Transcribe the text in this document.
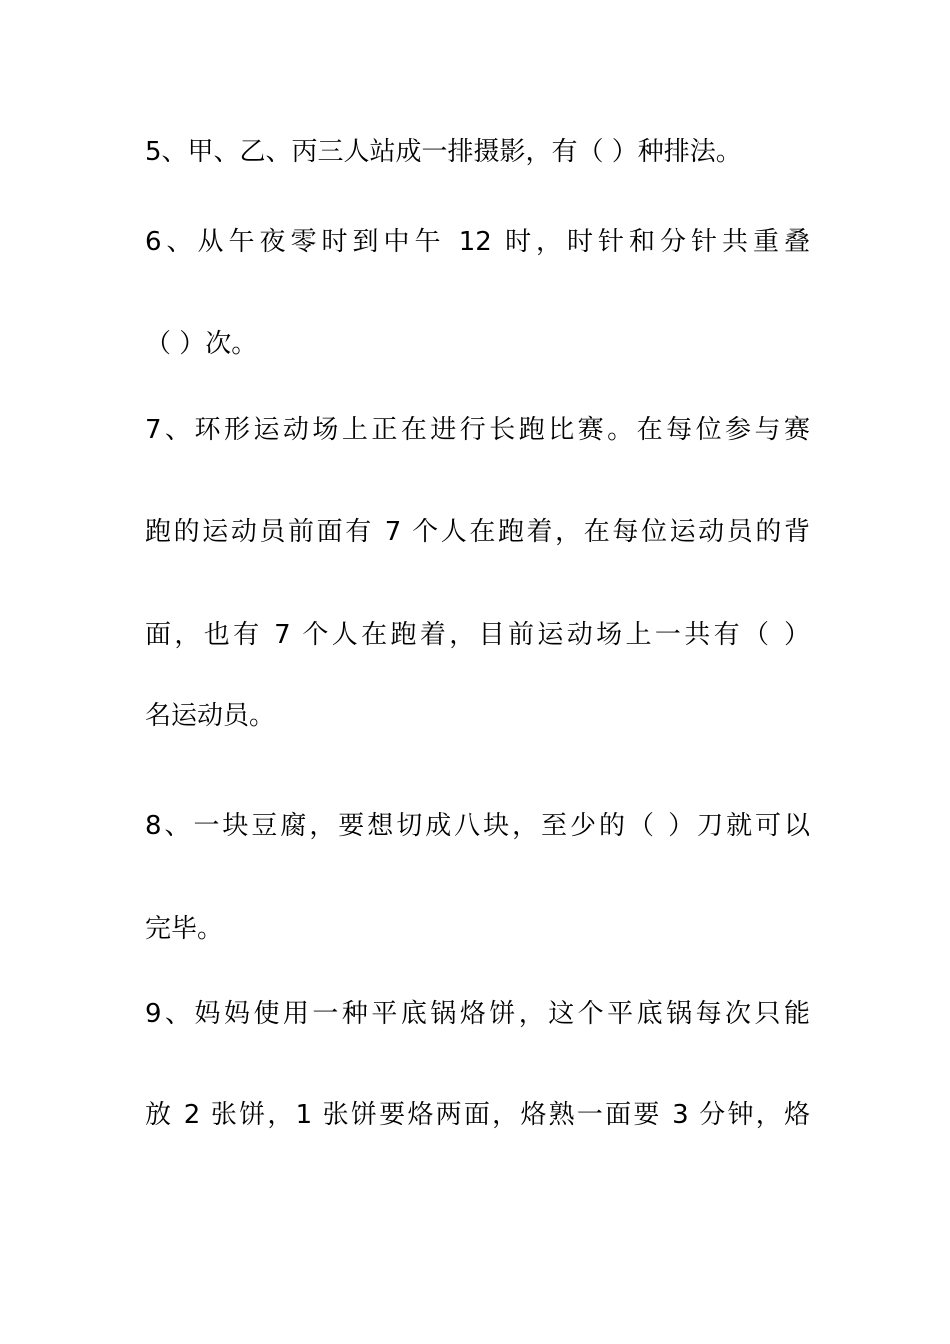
5、甲、乙、丙三人站成一排摄影，有（ ）种排法。
6、从午夜零时到中午 12 时，时针和分针共重叠
（ ）次。
7、环形运动场上正在进行长跑比赛。在每位参与赛
跑的运动员前面有 7 个人在跑着，在每位运动员的背
面，也有 7 个人在跑着，目前运动场上一共有（ ）
名运动员。
8、一块豆腐，要想切成八块，至少的（ ）刀就可以
完毕。
9、妈妈使用一种平底锅烙饼，这个平底锅每次只能
放 2 张饼，1 张饼要烙两面，烙熟一面要 3 分钟，烙
